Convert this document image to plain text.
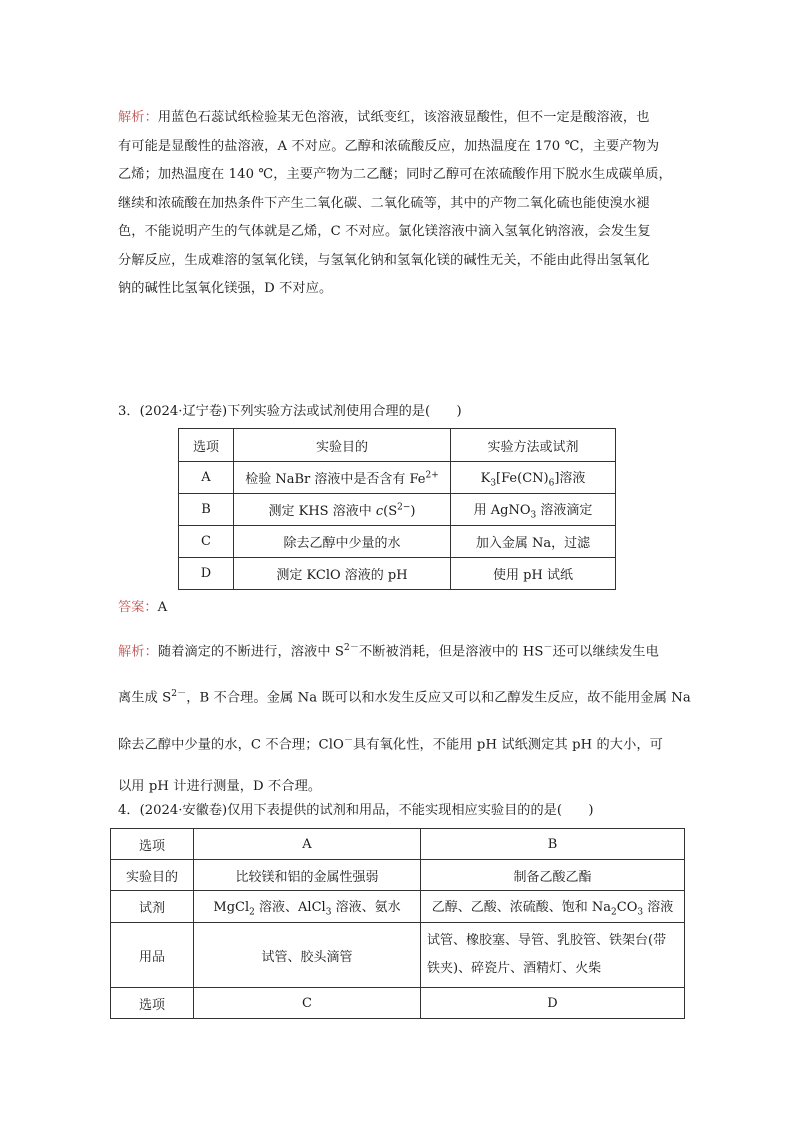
解析：用蓝色石蕊试纸检验某无色溶液，试纸变红，该溶液显酸性，但不一定是酸溶液，也
有可能是显酸性的盐溶液，A 不对应。乙醇和浓硫酸反应，加热温度在 170 ℃，主要产物为
乙烯；加热温度在 140 ℃，主要产物为二乙醚；同时乙醇可在浓硫酸作用下脱水生成碳单质，
继续和浓硫酸在加热条件下产生二氧化碳、二氧化硫等，其中的产物二氧化硫也能使溴水褪
色，不能说明产生的气体就是乙烯，C 不对应。氯化镁溶液中滴入氢氧化钠溶液，会发生复
分解反应，生成难溶的氢氧化镁，与氢氧化钠和氢氧化镁的碱性无关，不能由此得出氢氧化
钠的碱性比氢氧化镁强，D 不对应。
3．(2024·辽宁卷)下列实验方法或试剂使用合理的是(　　)
选项	实验目的	实验方法或试剂
A	检验 NaBr 溶液中是否含有 $Fe^{2+}$	$K_3[Fe(CN)_6]$溶液
B	测定 KHS 溶液中 $c(S^{2-})$	用 AgNO$_3$ 溶液滴定
C	除去乙醇中少量的水	加入金属 Na，过滤
D	测定 KClO 溶液的 pH	使用 pH 试纸
答案：A
解析：随着滴定的不断进行，溶液中 $S^{2-}$不断被消耗，但是溶液中的 HS－还可以继续发生电
离生成 $S^{2-}$，B 不合理。金属 Na 既可以和水发生反应又可以和乙醇发生反应，故不能用金属 Na
除去乙醇中少量的水，C 不合理；ClO－具有氧化性，不能用 pH 试纸测定其 pH 的大小，可
以用 pH 计进行测量，D 不合理。
4．(2024·安徽卷)仅用下表提供的试剂和用品，不能实现相应实验目的的是(　　)
选项	A	B
实验目的	比较镁和铝的金属性强弱	制备乙酸乙酯
试剂	MgCl$_2$ 溶液、AlCl$_3$ 溶液、氨水	乙醇、乙酸、浓硫酸、饱和 $Na_2CO_3$ 溶液
用品	试管、胶头滴管	试管、橡胶塞、导管、乳胶管、铁架台(带
铁夹)、碎瓷片、酒精灯、火柴

选项	C	D
